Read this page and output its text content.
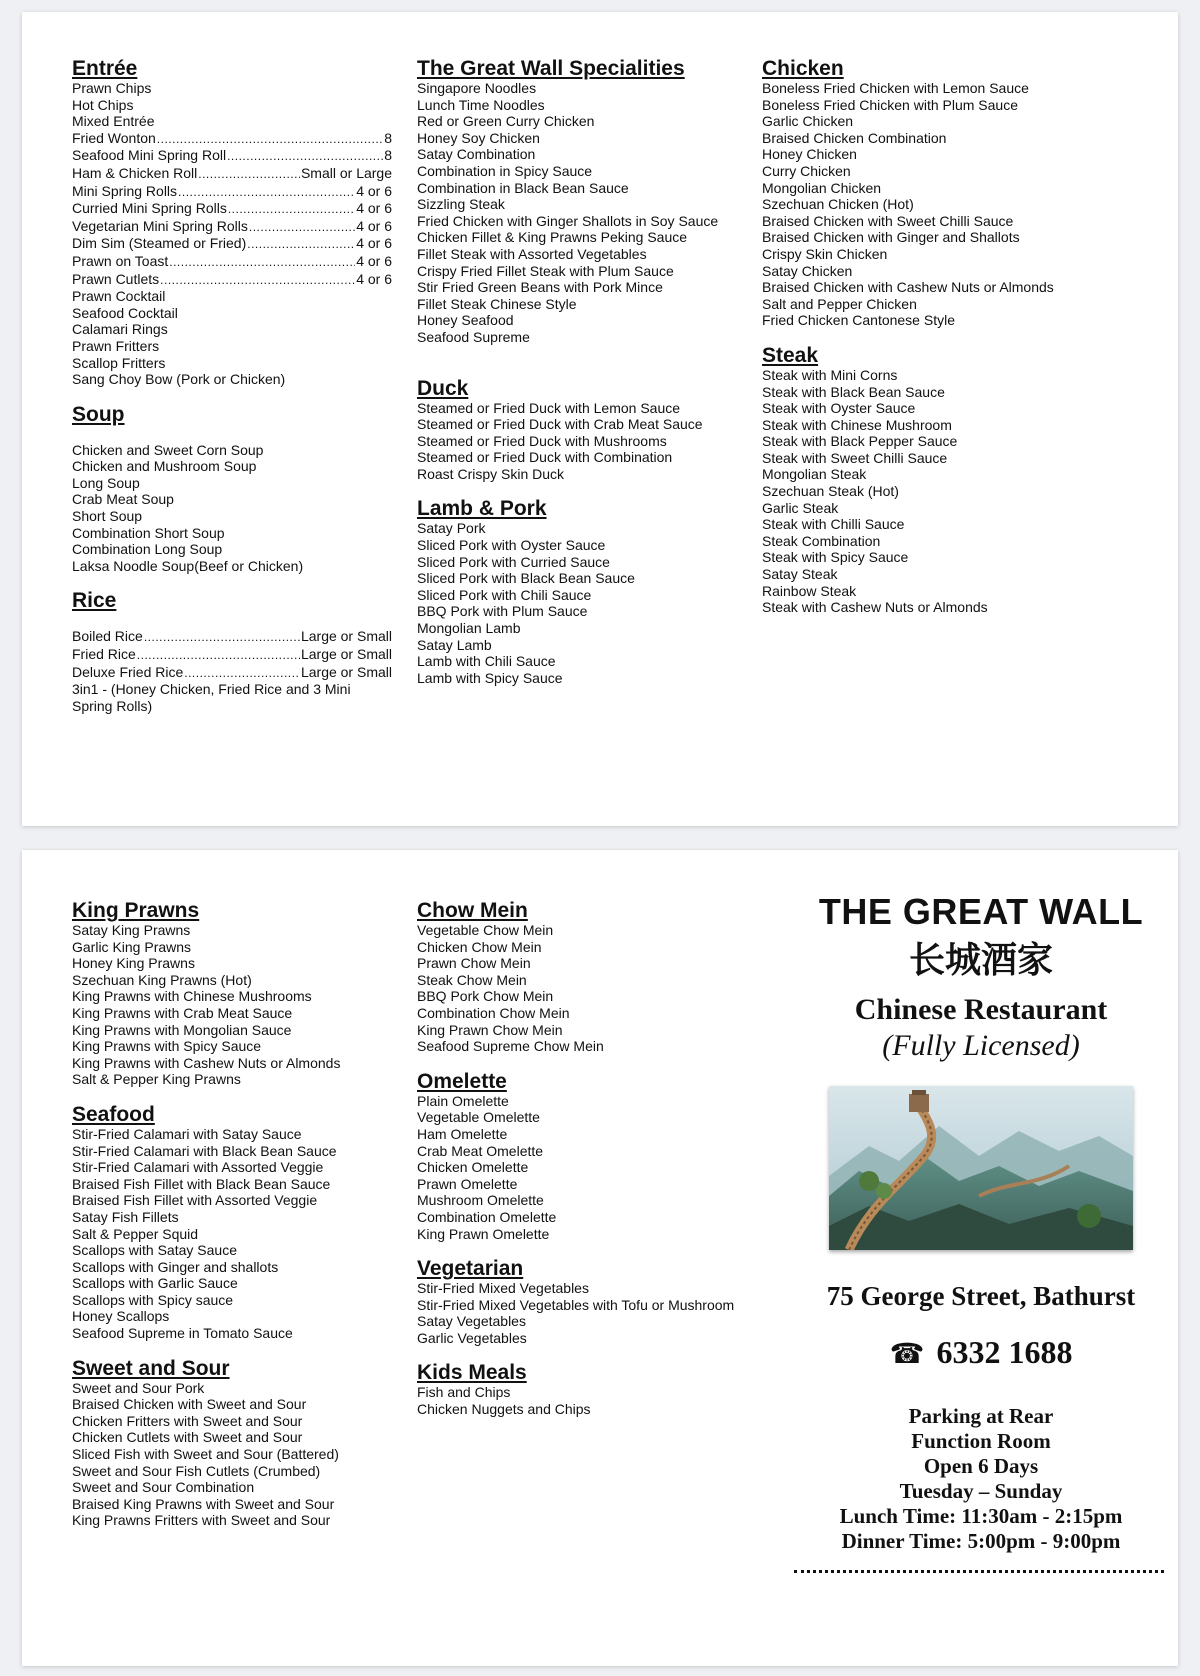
Entrée
Prawn Chips
Hot Chips
Mixed Entrée
Fried Wonton .....	8
Seafood Mini Spring Roll .....	8
Ham & Chicken Roll .....	Small or Large
Mini Spring Rolls .....	4 or 6
Curried Mini Spring Rolls .....	4 or 6
Vegetarian Mini Spring Rolls .....	4 or 6
Dim Sim (Steamed or Fried) .....	4 or 6
Prawn on Toast .....	4 or 6
Prawn Cutlets .....	4 or 6
Prawn Cocktail
Seafood Cocktail
Calamari Rings
Prawn Fritters
Scallop Fritters
Sang Choy Bow (Pork or Chicken)
Soup
Chicken and Sweet Corn Soup
Chicken and Mushroom Soup
Long Soup
Crab Meat Soup
Short Soup
Combination Short Soup
Combination Long Soup
Laksa Noodle Soup(Beef or Chicken)
Rice
Boiled Rice .....	Large or Small
Fried Rice .....	Large or Small
Deluxe Fried Rice .....	Large or Small
3in1 - (Honey Chicken, Fried Rice and 3 Mini Spring Rolls)
The Great Wall Specialities
Singapore Noodles
Lunch Time Noodles
Red or Green Curry Chicken
Honey Soy Chicken
Satay Combination
Combination in Spicy Sauce
Combination in Black Bean Sauce
Sizzling Steak
Fried Chicken with Ginger Shallots in Soy Sauce
Chicken Fillet & King Prawns Peking Sauce
Fillet Steak with Assorted Vegetables
Crispy Fried Fillet Steak with Plum Sauce
Stir Fried Green Beans with Pork Mince
Fillet Steak Chinese Style
Honey Seafood
Seafood Supreme
Duck
Steamed or Fried Duck with Lemon Sauce
Steamed or Fried Duck with Crab Meat Sauce
Steamed or Fried Duck with Mushrooms
Steamed or Fried Duck with Combination
Roast Crispy Skin Duck
Lamb & Pork
Satay Pork
Sliced Pork with Oyster Sauce
Sliced Pork with Curried Sauce
Sliced Pork with Black Bean Sauce
Sliced Pork with Chili Sauce
BBQ Pork with Plum Sauce
Mongolian Lamb
Satay Lamb
Lamb with Chili Sauce
Lamb with Spicy Sauce
Chicken
Boneless Fried Chicken with Lemon Sauce
Boneless Fried Chicken with Plum Sauce
Garlic Chicken
Braised Chicken Combination
Honey Chicken
Curry Chicken
Mongolian Chicken
Szechuan Chicken (Hot)
Braised Chicken with Sweet Chilli Sauce
Braised Chicken with Ginger and Shallots
Crispy Skin Chicken
Satay Chicken
Braised Chicken with Cashew Nuts or Almonds
Salt and Pepper Chicken
Fried Chicken Cantonese Style
Steak
Steak with Mini Corns
Steak with Black Bean Sauce
Steak with Oyster Sauce
Steak with Chinese Mushroom
Steak with Black Pepper Sauce
Steak with Sweet Chilli Sauce
Mongolian Steak
Szechuan Steak (Hot)
Garlic Steak
Steak with Chilli Sauce
Steak Combination
Steak with Spicy Sauce
Satay Steak
Rainbow Steak
Steak with Cashew Nuts or Almonds
King Prawns
Satay King Prawns
Garlic King Prawns
Honey King Prawns
Szechuan King Prawns (Hot)
King Prawns with Chinese Mushrooms
King Prawns with Crab Meat Sauce
King Prawns with Mongolian Sauce
King Prawns with Spicy Sauce
King Prawns with Cashew Nuts or Almonds
Salt & Pepper King Prawns
Seafood
Stir-Fried Calamari with Satay Sauce
Stir-Fried Calamari with Black Bean Sauce
Stir-Fried Calamari with Assorted Veggie
Braised Fish Fillet with Black Bean Sauce
Braised Fish Fillet with Assorted Veggie
Satay Fish Fillets
Salt & Pepper Squid
Scallops with Satay Sauce
Scallops with Ginger and shallots
Scallops with Garlic Sauce
Scallops with Spicy sauce
Honey Scallops
Seafood Supreme in Tomato Sauce
Sweet and Sour
Sweet and Sour Pork
Braised Chicken with Sweet and Sour
Chicken Fritters with Sweet and Sour
Chicken Cutlets with Sweet and Sour
Sliced Fish with Sweet and Sour (Battered)
Sweet and Sour Fish Cutlets (Crumbed)
Sweet and Sour Combination
Braised King Prawns with Sweet and Sour
King Prawns Fritters with Sweet and Sour
Chow Mein
Vegetable Chow Mein
Chicken Chow Mein
Prawn Chow Mein
Steak Chow Mein
BBQ Pork Chow Mein
Combination Chow Mein
King Prawn Chow Mein
Seafood Supreme Chow Mein
Omelette
Plain Omelette
Vegetable Omelette
Ham Omelette
Crab Meat Omelette
Chicken Omelette
Prawn Omelette
Mushroom Omelette
Combination Omelette
King Prawn Omelette
Vegetarian
Stir-Fried Mixed Vegetables
Stir-Fried Mixed Vegetables with Tofu or Mushroom
Satay Vegetables
Garlic Vegetables
Kids Meals
Fish and Chips
Chicken Nuggets and Chips
THE GREAT WALL
长城酒家
Chinese Restaurant
(Fully Licensed)
75 George Street, Bathurst
☎ 6332 1688
Parking at Rear
Function Room
Open 6 Days
Tuesday – Sunday
Lunch Time: 11:30am - 2:15pm
Dinner Time: 5:00pm - 9:00pm
